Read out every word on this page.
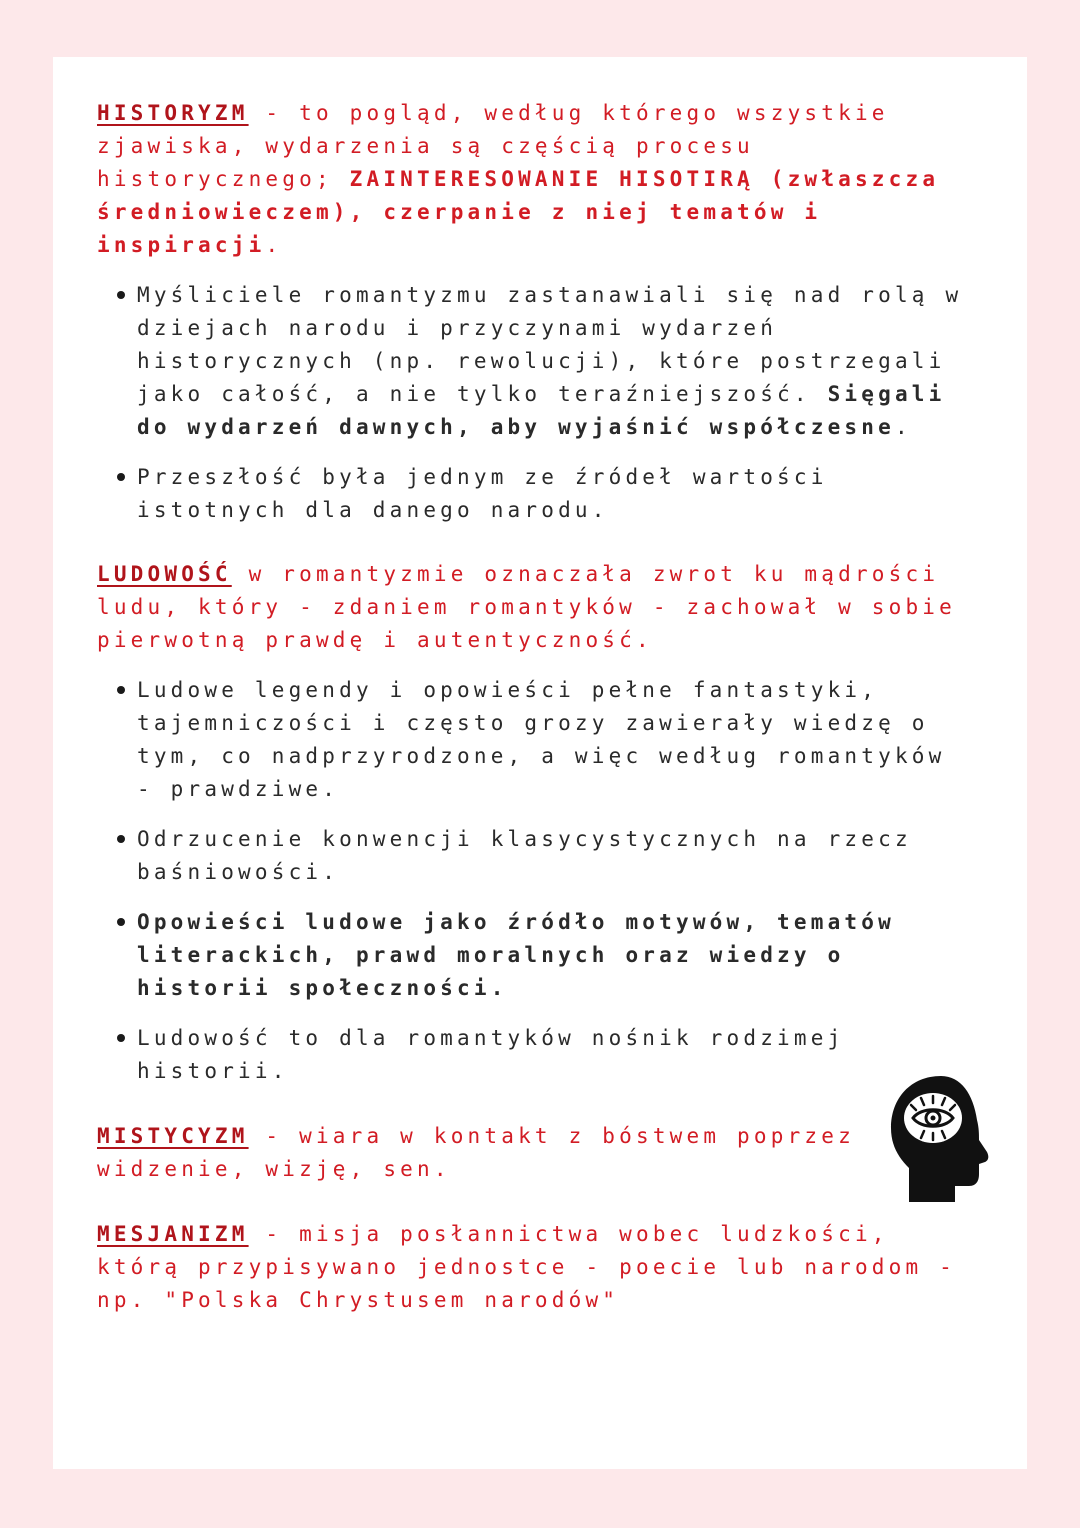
HISTORYZM - to pogląd, według którego wszystkie zjawiska, wydarzenia są częścią procesu historycznego; ZAINTERESOWANIE HISOTIRĄ (zwłaszcza średniowieczem), czerpanie z niej tematów i inspiracji.
Myśliciele romantyzmu zastanawiali się nad rolą w dziejach narodu i przyczynami wydarzeń historycznych (np. rewolucji), które postrzegali jako całość, a nie tylko teraźniejszość. Sięgali do wydarzeń dawnych, aby wyjaśnić współczesne.
Przeszłość była jednym ze źródeł wartości istotnych dla danego narodu.
LUDOWOŚĆ w romantyzmie oznaczała zwrot ku mądrości ludu, który - zdaniem romantyków - zachował w sobie pierwotną prawdę i autentyczność.
Ludowe legendy i opowieści pełne fantastyki, tajemniczości i często grozy zawierały wiedzę o tym, co nadprzyrodzone, a więc według romantyków - prawdziwe.
Odrzucenie konwencji klasycystycznych na rzecz baśniowości.
Opowieści ludowe jako źródło motywów, tematów literackich, prawd moralnych oraz wiedzy o historii społeczności.
Ludowość to dla romantyków nośnik rodzimej historii.
MISTYCYZM - wiara w kontakt z bóstwem poprzez widzenie, wizję, sen.
MESJANIZM - misja posłannictwa wobec ludzkości, którą przypisywano jednostce - poecie lub narodom - np. "Polska Chrystusem narodów"
